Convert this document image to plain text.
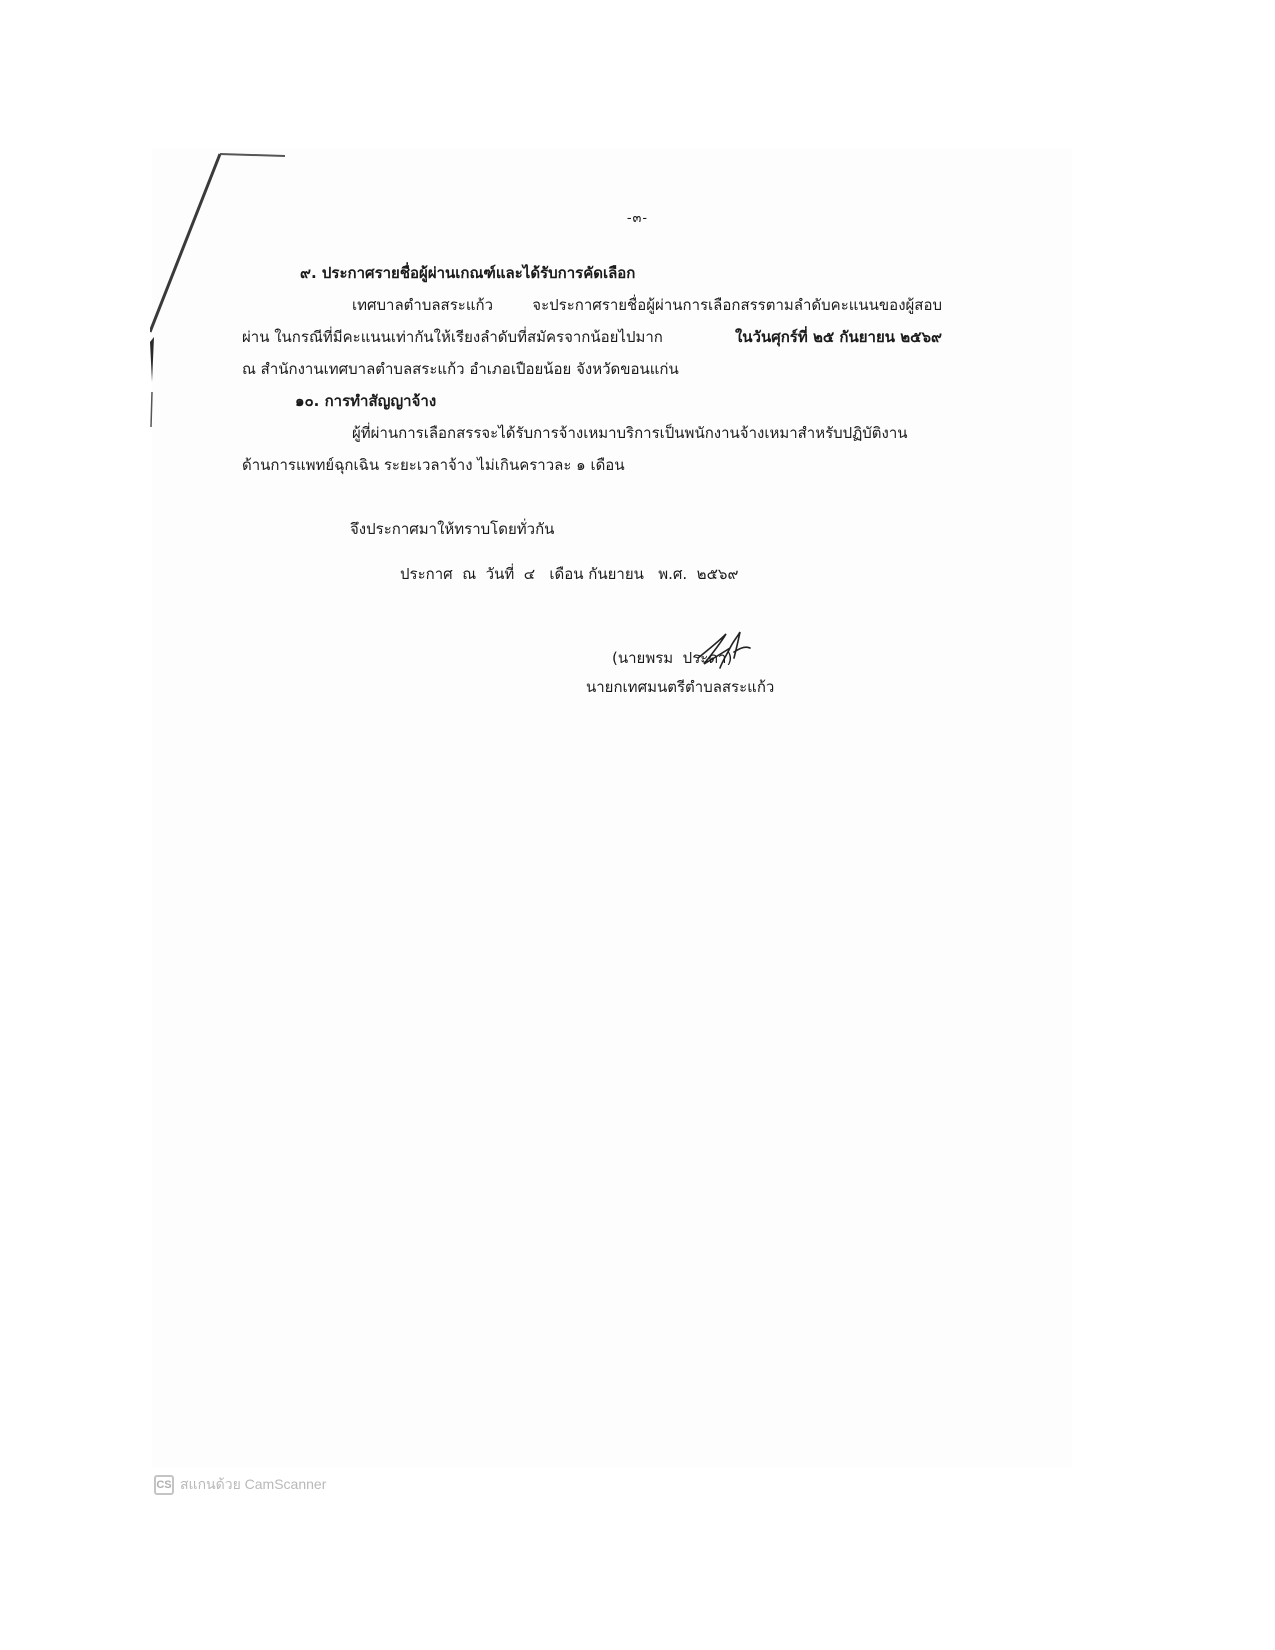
-๓-
๙. ประกาศรายชื่อผู้ผ่านเกณฑ์และได้รับการคัดเลือก
เทศบาลตำบลสระแก้ว จะประกาศรายชื่อผู้ผ่านการเลือกสรรตามลำดับคะแนนของผู้สอบ
ผ่าน ในกรณีที่มีคะแนนเท่ากันให้เรียงลำดับที่สมัครจากน้อยไปมาก	ในวันศุกร์ที่ ๒๕ กันยายน ๒๕๖๙
ณ สำนักงานเทศบาลตำบลสระแก้ว อำเภอเปือยน้อย จังหวัดขอนแก่น
๑๐. การทำสัญญาจ้าง
ผู้ที่ผ่านการเลือกสรรจะได้รับการจ้างเหมาบริการเป็นพนักงานจ้างเหมาสำหรับปฏิบัติงาน
ด้านการแพทย์ฉุกเฉิน ระยะเวลาจ้าง ไม่เกินคราวละ ๑ เดือน
จึงประกาศมาให้ทราบโดยทั่วกัน
ประกาศ  ณ  วันที่  ๔   เดือน กันยายน   พ.ศ.  ๒๕๖๙
(นายพรม  ประดา)
นายกเทศมนตรีตำบลสระแก้ว
CS สแกนด้วย CamScanner
